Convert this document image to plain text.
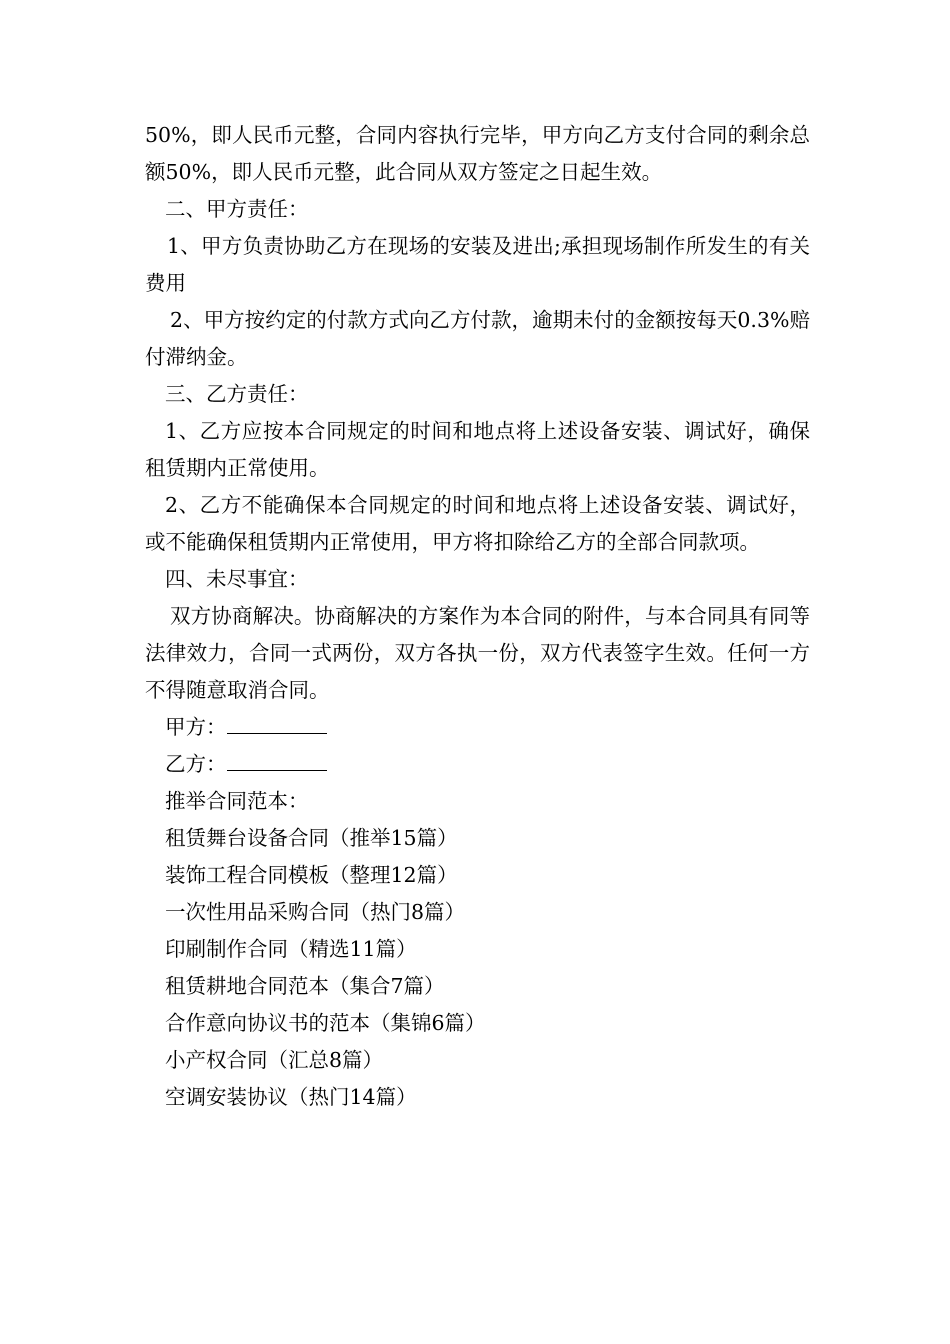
50%，即人民币元整，合同内容执行完毕，甲方向乙方支付合同的剩余总额50%，即人民币元整，此合同从双方签定之日起生效。

二、甲方责任：

1、甲方负责协助乙方在现场的安装及进出;承担现场制作所发生的有关费用

2、甲方按约定的付款方式向乙方付款，逾期未付的金额按每天0.3%赔付滞纳金。

三、乙方责任：

1、乙方应按本合同规定的时间和地点将上述设备安装、调试好，确保租赁期内正常使用。

2、乙方不能确保本合同规定的时间和地点将上述设备安装、调试好，或不能确保租赁期内正常使用，甲方将扣除给乙方的全部合同款项。

四、未尽事宜：

双方协商解决。协商解决的方案作为本合同的附件，与本合同具有同等法律效力，合同一式两份，双方各执一份，双方代表签字生效。任何一方不得随意取消合同。

甲方：

乙方：

推举合同范本：

租赁舞台设备合同（推举15篇）

装饰工程合同模板（整理12篇）

一次性用品采购合同（热门8篇）

印刷制作合同（精选11篇）

租赁耕地合同范本（集合7篇）

合作意向协议书的范本（集锦6篇）

小产权合同（汇总8篇）

空调安装协议（热门14篇）
